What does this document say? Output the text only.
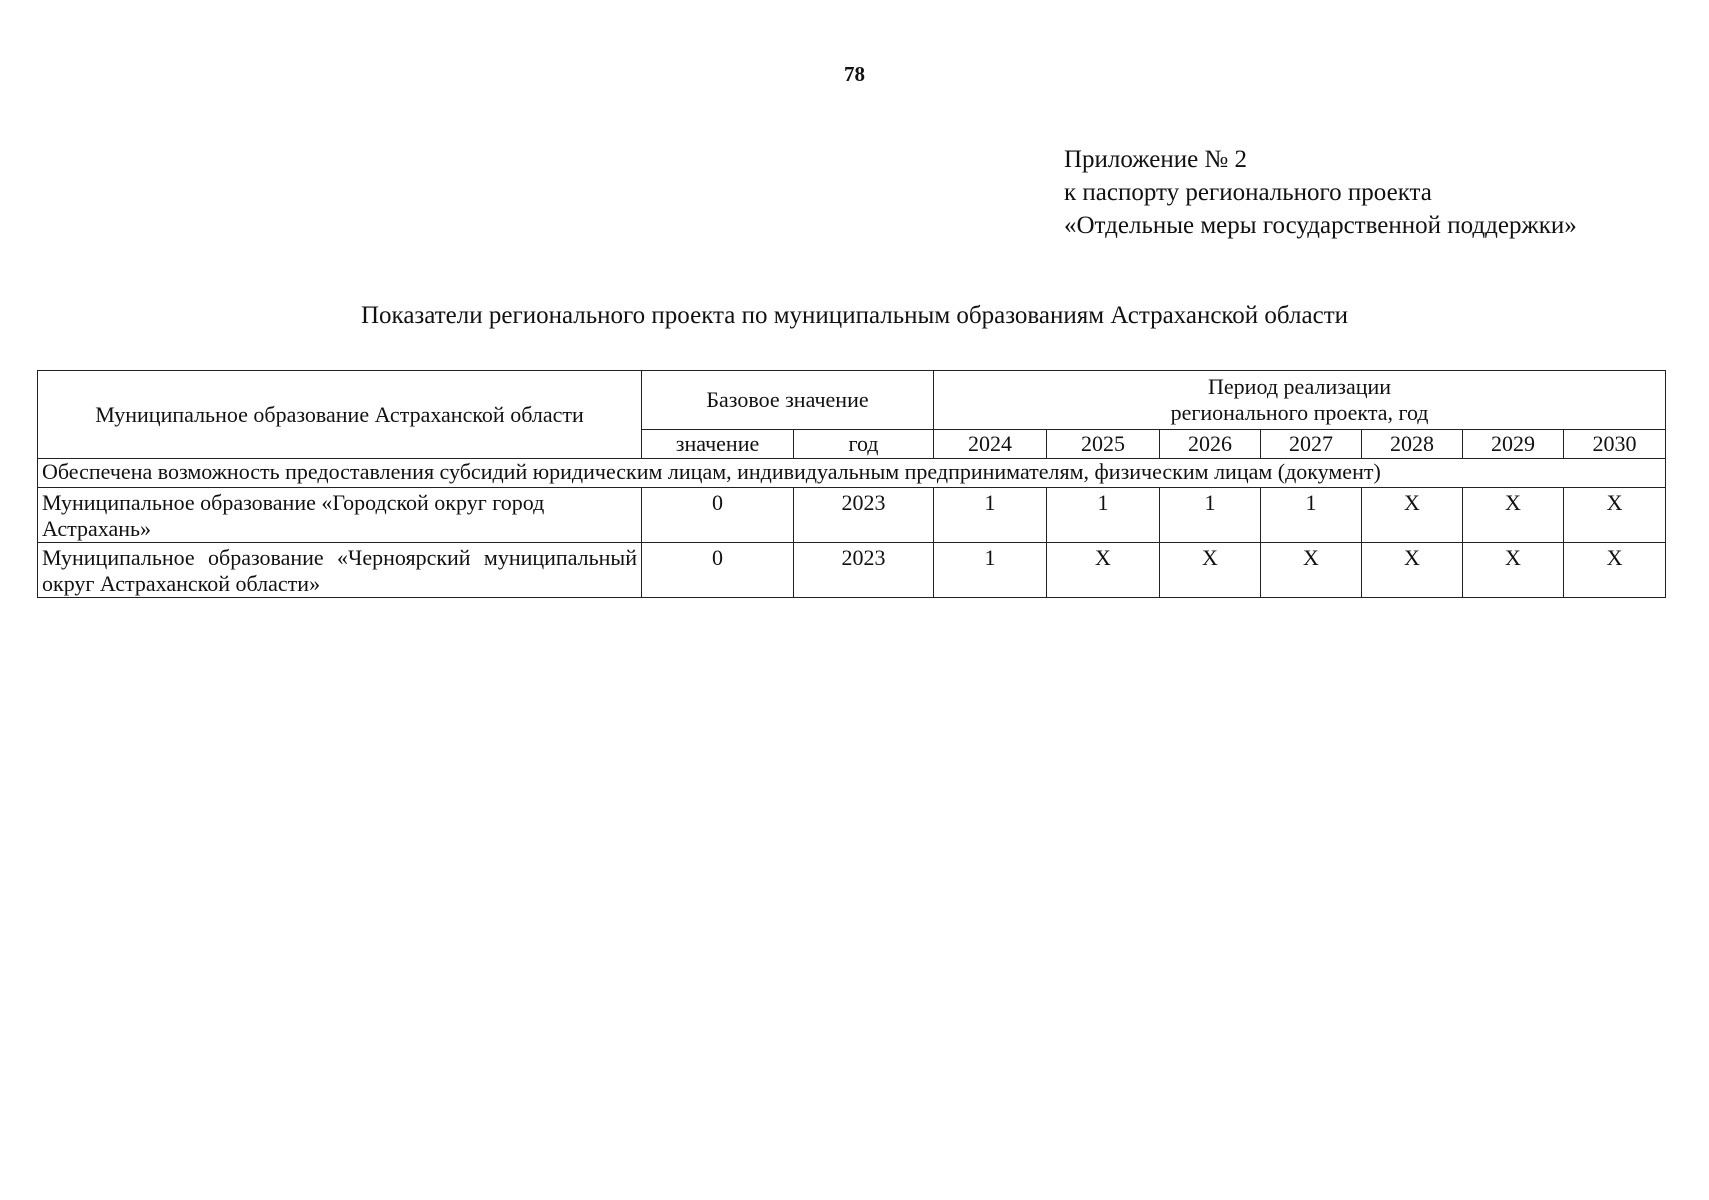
78
Приложение № 2
к паспорту регионального проекта
«Отдельные меры государственной поддержки»
Показатели регионального проекта по муниципальным образованиям Астраханской области
Муниципальное образование Астраханской области	Базовое значение		Период реализации
регионального проекта, год						

	значение	год	2024	2025	2026	2027	2028	2029	2030
Обеспечена возможность предоставления субсидий юридическим лицам, индивидуальным предпринимателям, физическим лицам (документ)									
Муниципальное образование «Городской округ город Астрахань»	0	2023	1	1	1	1	X	X	X
Муниципальное образование «Черноярский муниципальный округ Астраханской области»	0	2023	1	X	X	X	X	X	X
